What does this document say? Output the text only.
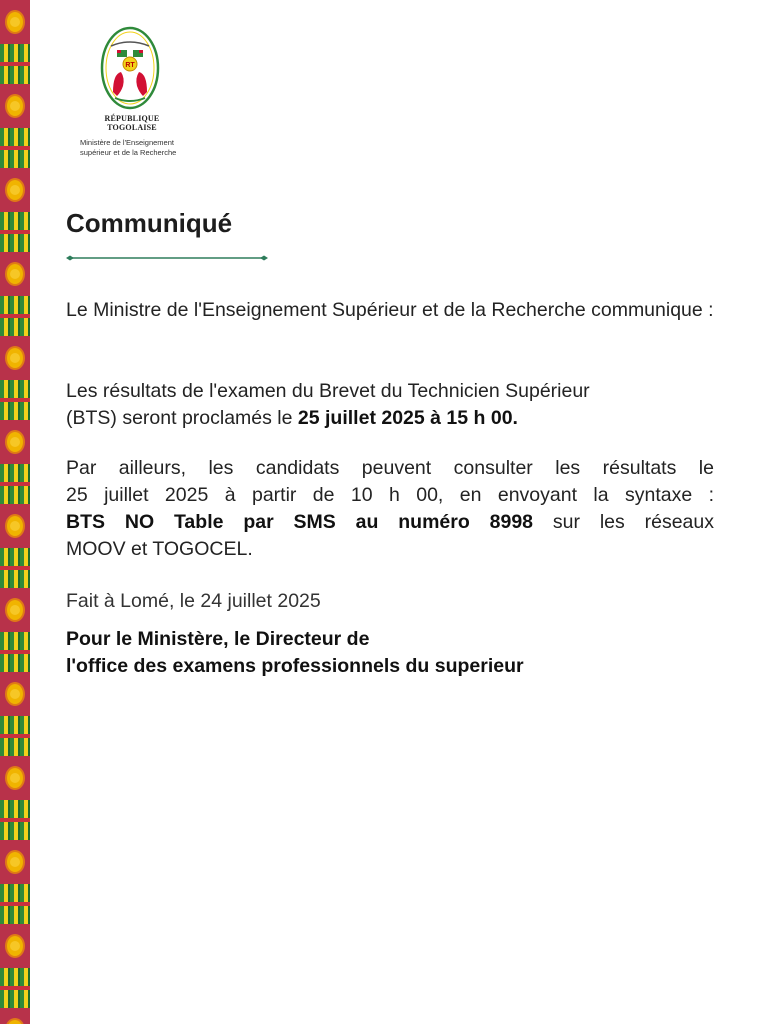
RT
RÉPUBLIQUE TOGOLAISE
Ministère de l'Enseignement
supérieur et de la Recherche
Communiqué
Le Ministre de l'Enseignement Supérieur et de la Recherche communique :
Les résultats de l'examen du Brevet du Technicien Supérieur
(BTS) seront proclamés le 25 juillet 2025 à 15 h 00.
Par ailleurs, les candidats peuvent consulter les résultats le
25 juillet 2025 à partir de 10 h 00, en envoyant la syntaxe :
BTS NO Table par SMS au numéro 8998 sur les réseaux
MOOV et TOGOCEL.
Fait à Lomé, le 24 juillet 2025
Pour le Ministère, le Directeur de
l'office des examens professionnels du superieur
